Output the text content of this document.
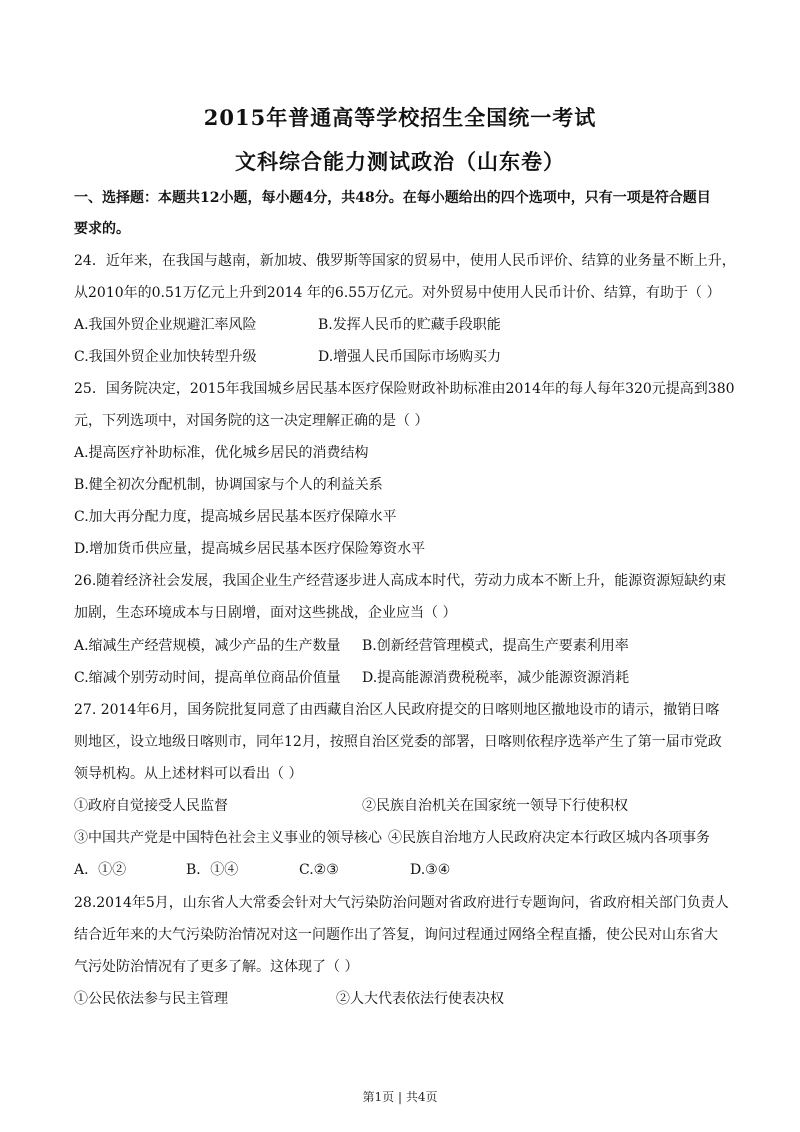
2015年普通高等学校招生全国统一考试
文科综合能力测试政治（山东卷）
一、选择题：本题共12小题，每小题4分，共48分。在每小题给出的四个选项中，只有一项是符合题目
要求的。
24．近年来，在我国与越南，新加坡、俄罗斯等国家的贸易中，使用人民币评价、结算的业务量不断上升，
从2010年的0.51万亿元上升到2014 年的6.55万亿元。对外贸易中使用人民币计价、结算，有助于（ ）
A.我国外贸企业规避汇率风险	B.发挥人民币的贮藏手段职能
C.我国外贸企业加快转型升级	D.增强人民币国际市场购买力
25．国务院决定，2015年我国城乡居民基本医疗保险财政补助标准由2014年的每人每年320元提高到380
元，下列选项中，对国务院的这一决定理解正确的是（ ）
A.提高医疗补助标准，优化城乡居民的消费结构
B.健全初次分配机制，协调国家与个人的利益关系
C.加大再分配力度，提高城乡居民基本医疗保障水平
D.增加货币供应量，提高城乡居民基本医疗保险筹资水平
26.随着经济社会发展，我国企业生产经营逐步进人高成本时代，劳动力成本不断上升，能源资源短缺约束
加剧，生态环境成本与日剧增，面对这些挑战，企业应当（ ）
A.缩减生产经营规模，减少产品的生产数量 B.创新经营管理模式，提高生产要素利用率
C.缩减个别劳动时间，提高单位商品价值量 D.提高能源消费税税率，减少能源资源消耗
27. 2014年6月，国务院批复同意了由西藏自治区人民政府提交的日喀则地区撤地设市的请示，撤销日喀
则地区，设立地级日喀则市，同年12月，按照自治区党委的部署，日喀则依程序选举产生了第一届市党政
领导机构。从上述材料可以看出（ ）
①政府自觉接受人民监督	②民族自治机关在国家统一领导下行使积权
③中国共产党是中国特色社会主义事业的领导核心 ④民族自治地方人民政府决定本行政区城内各项事务
A．①②	B．①④	C.②③	D.③④
28.2014年5月，山东省人大常委会针对大气污染防治问题对省政府进行专题询问，省政府相关部门负责人
结合近年来的大气污染防治情况对这一问题作出了答复，询问过程通过网络全程直播，使公民对山东省大
气污处防治情况有了更多了解。这体现了（ ）
①公民依法参与民主管理	②人大代表依法行使表决权
第1页 | 共4页
